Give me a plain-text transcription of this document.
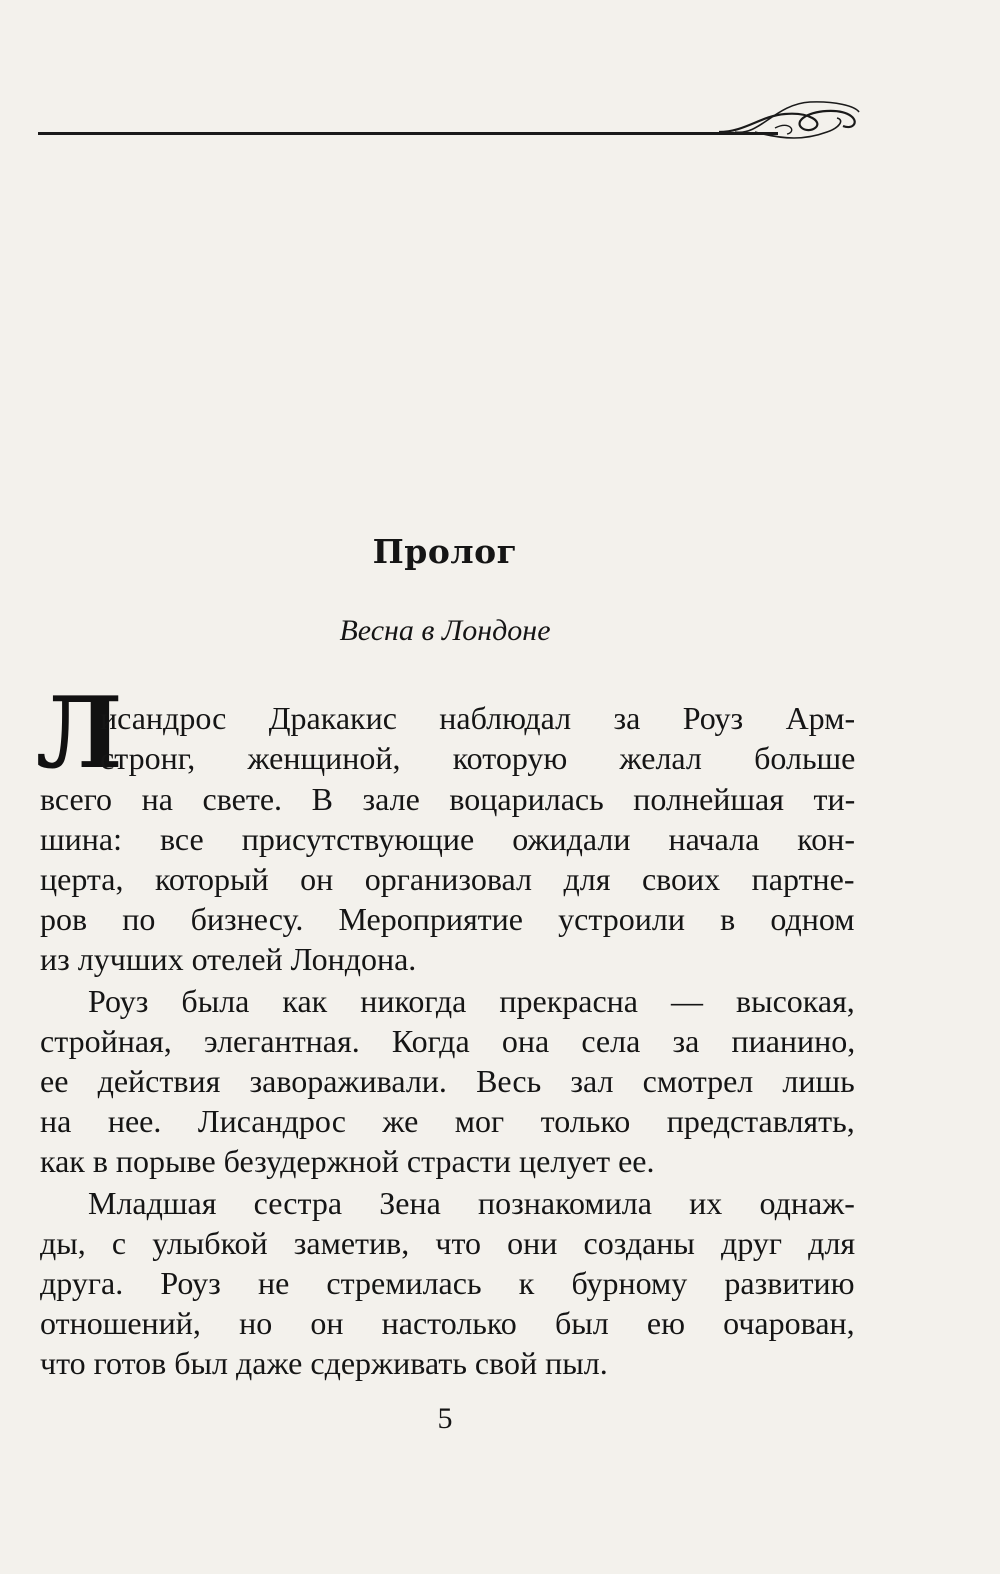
Пролог
Весна в Лондоне
Л
исандрос Дракакис наблюдал за Роуз Арм-
стронг, женщиной, которую желал больше
всего на свете. В зале воцарилась полнейшая ти-
шина: все присутствующие ожидали начала кон-
церта, который он организовал для своих партне-
ров по бизнесу. Мероприятие устроили в одном
из лучших отелей Лондона.
Роуз была как никогда прекрасна — высокая,
стройная, элегантная. Когда она села за пианино,
ее действия завораживали. Весь зал смотрел лишь
на нее. Лисандрос же мог только представлять,
как в порыве безудержной страсти целует ее.
Младшая сестра Зена познакомила их однаж-
ды, с улыбкой заметив, что они созданы друг для
друга. Роуз не стремилась к бурному развитию
отношений, но он настолько был ею очарован,
что готов был даже сдерживать свой пыл.
5
